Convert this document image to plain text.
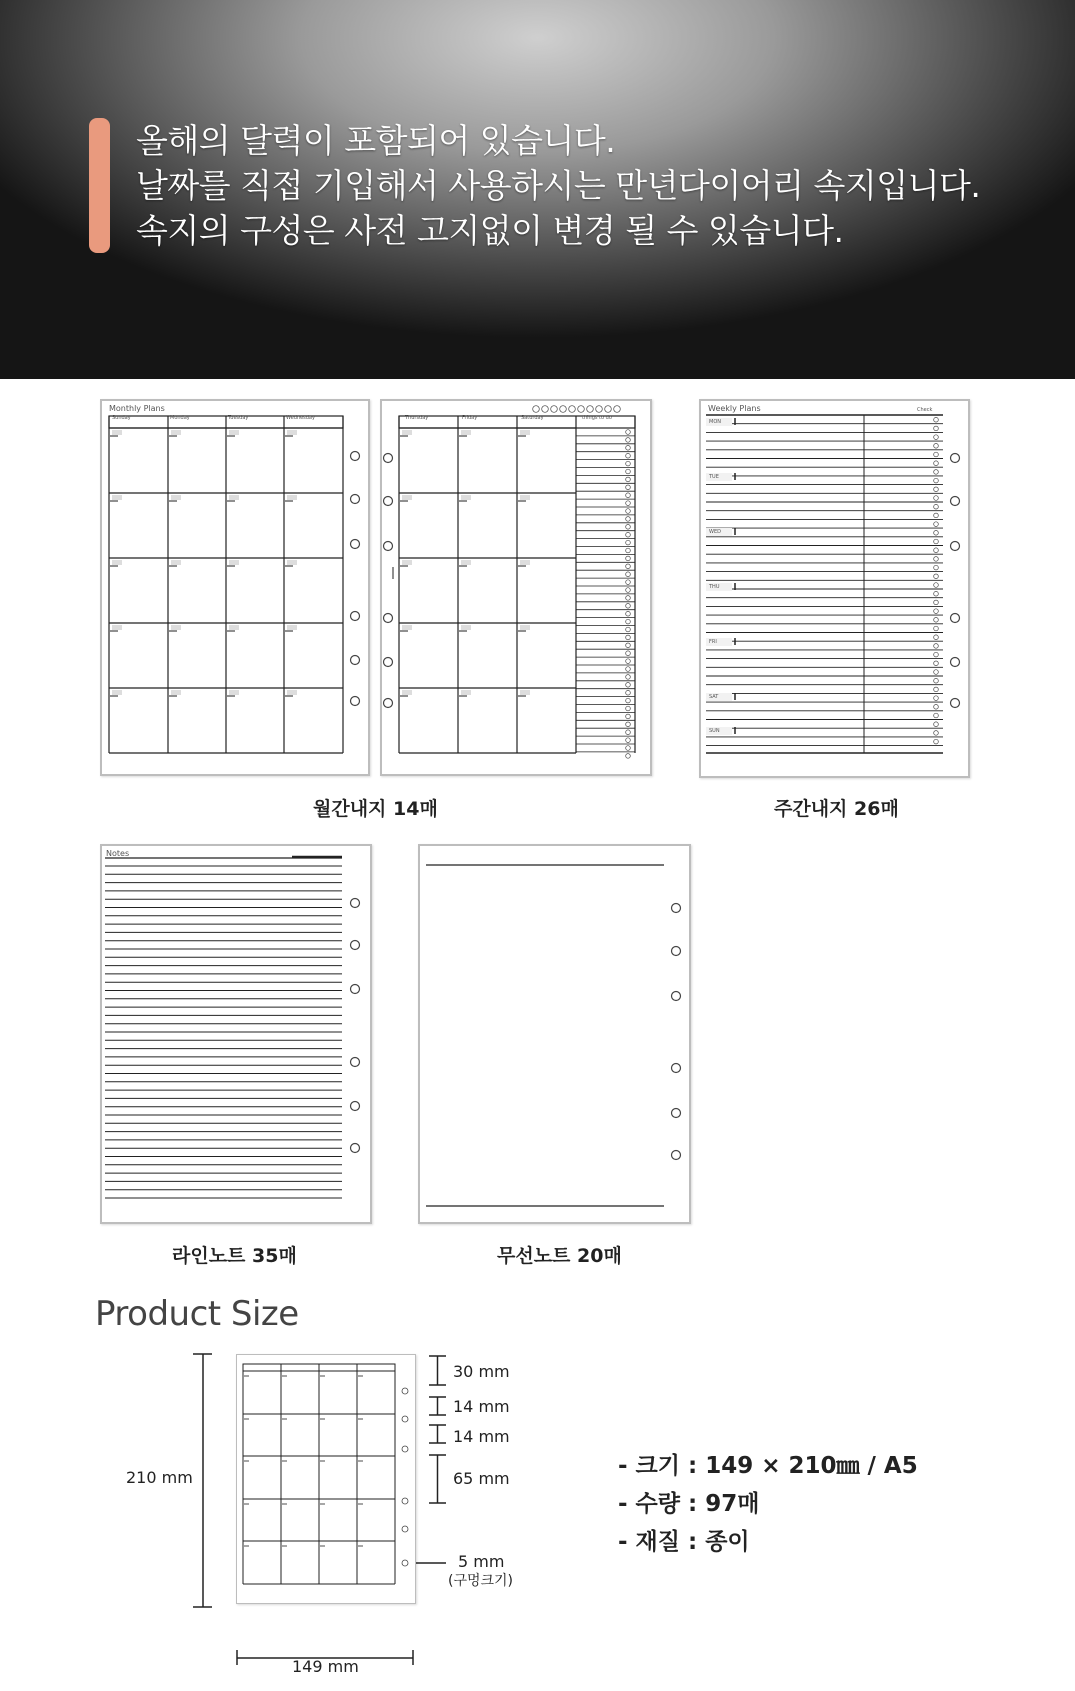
올해의 달력이 포함되어 있습니다.
날짜를 직접 기입해서 사용하시는 만년다이어리 속지입니다.
속지의 구성은 사전 고지없이 변경 될 수 있습니다.
Monthly Plans
Sunday	Monday	Tuesday	Wednesday	Thursday	Friday	Saturday	things to do
Weekly Plans	Check
MON
TUE
WED
THU
FRI
SAT
SUN
월간내지 14매	주간내지 26매
Notes
라인노트 35매	무선노트 20매
Product Size
210 mm
149 mm
30 mm
14 mm
14 mm
65 mm
5 mm
(구멍크기)
- 크기 : 149 × 210㎜ / A5
- 수량 : 97매
- 재질 : 종이
